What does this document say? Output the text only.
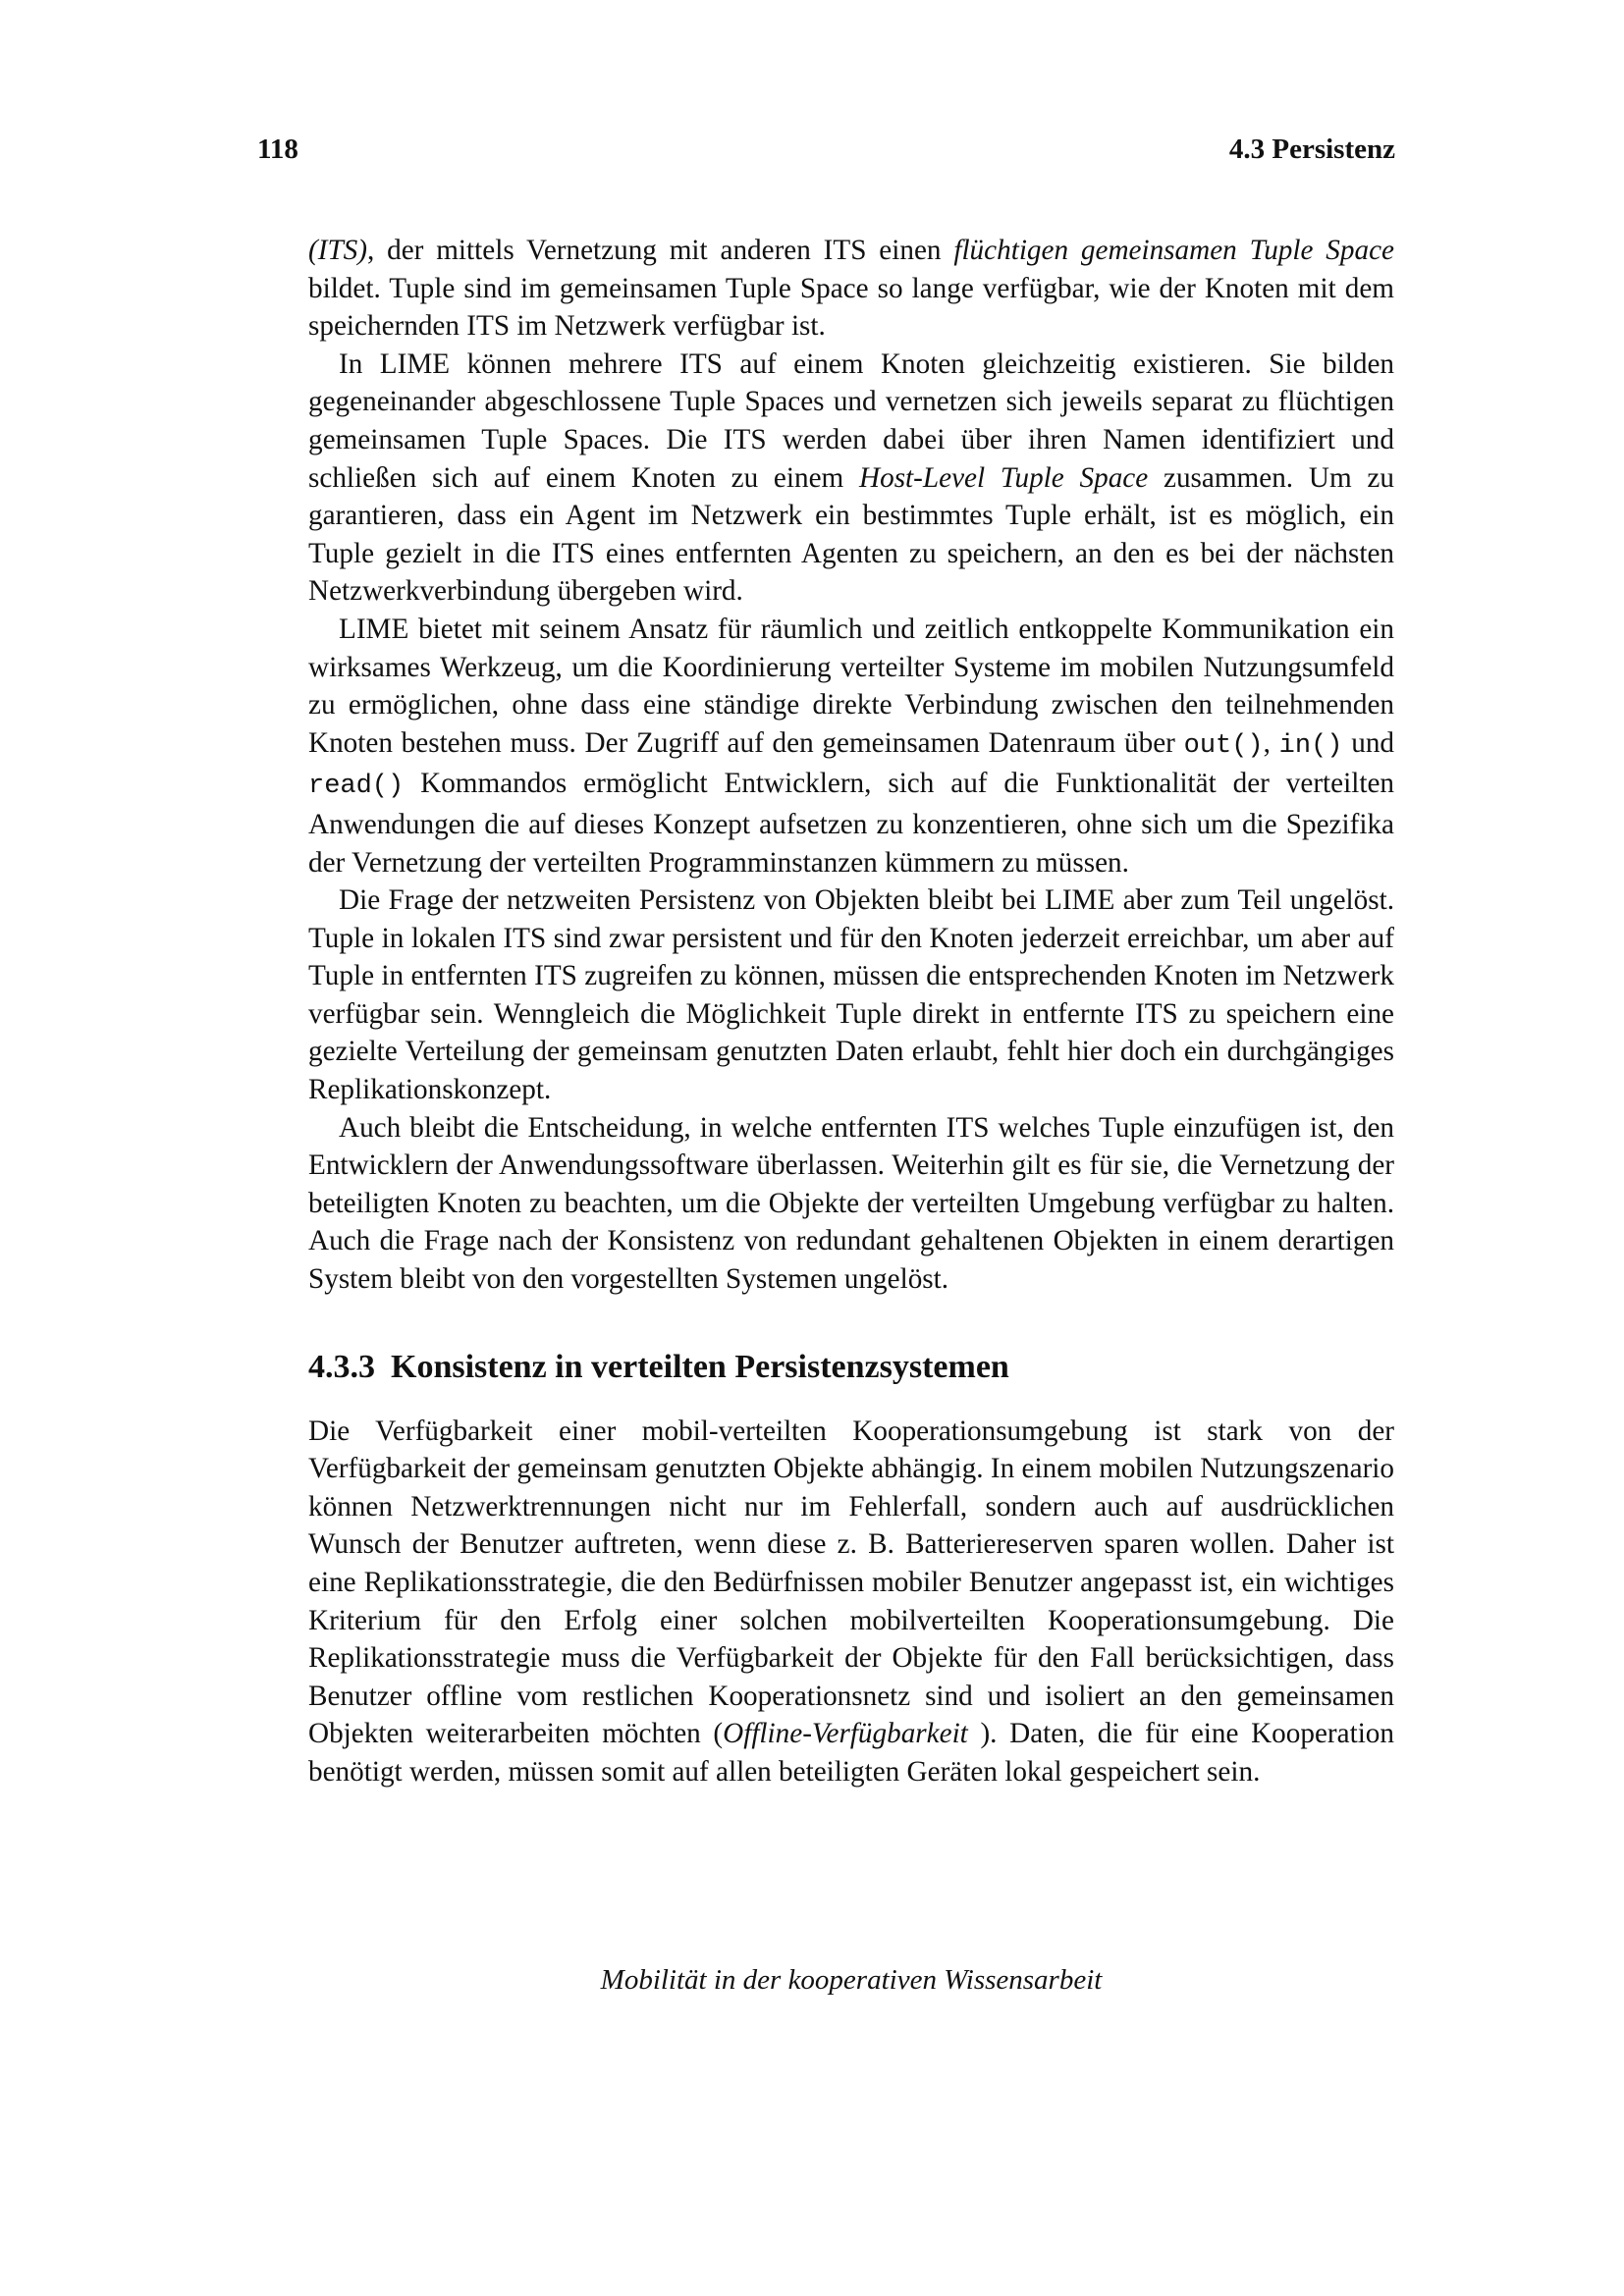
118	4.3 Persistenz

(ITS), der mittels Vernetzung mit anderen ITS einen flüchtigen gemeinsamen Tuple Space bildet. Tuple sind im gemeinsamen Tuple Space so lange verfügbar, wie der Knoten mit dem speichernden ITS im Netzwerk verfügbar ist.

In LIME können mehrere ITS auf einem Knoten gleichzeitig existieren. Sie bilden gegeneinander abgeschlossene Tuple Spaces und vernetzen sich jeweils separat zu flüchtigen gemeinsamen Tuple Spaces. Die ITS werden dabei über ihren Namen identifiziert und schließen sich auf einem Knoten zu einem Host-Level Tuple Space zusammen. Um zu garantieren, dass ein Agent im Netzwerk ein bestimmtes Tuple erhält, ist es möglich, ein Tuple gezielt in die ITS eines entfernten Agenten zu speichern, an den es bei der nächsten Netzwerkverbindung übergeben wird.

LIME bietet mit seinem Ansatz für räumlich und zeitlich entkoppelte Kommunikation ein wirksames Werkzeug, um die Koordinierung verteilter Systeme im mobilen Nutzungsumfeld zu ermöglichen, ohne dass eine ständige direkte Verbindung zwischen den teilnehmenden Knoten bestehen muss. Der Zugriff auf den gemeinsamen Datenraum über out(), in() und read() Kommandos ermöglicht Entwicklern, sich auf die Funktionalität der verteilten Anwendungen die auf dieses Konzept aufsetzen zu konzentieren, ohne sich um die Spezifika der Vernetzung der verteilten Programminstanzen kümmern zu müssen.

Die Frage der netzweiten Persistenz von Objekten bleibt bei LIME aber zum Teil ungelöst. Tuple in lokalen ITS sind zwar persistent und für den Knoten jederzeit erreichbar, um aber auf Tuple in entfernten ITS zugreifen zu können, müssen die entsprechenden Knoten im Netzwerk verfügbar sein. Wenngleich die Möglichkeit Tuple direkt in entfernte ITS zu speichern eine gezielte Verteilung der gemeinsam genutzten Daten erlaubt, fehlt hier doch ein durchgängiges Replikationskonzept.

Auch bleibt die Entscheidung, in welche entfernten ITS welches Tuple einzufügen ist, den Entwicklern der Anwendungssoftware überlassen. Weiterhin gilt es für sie, die Vernetzung der beteiligten Knoten zu beachten, um die Objekte der verteilten Umgebung verfügbar zu halten. Auch die Frage nach der Konsistenz von redundant gehaltenen Objekten in einem derartigen System bleibt von den vorgestellten Systemen ungelöst.

4.3.3 Konsistenz in verteilten Persistenzsystemen

Die Verfügbarkeit einer mobil-verteilten Kooperationsumgebung ist stark von der Verfügbarkeit der gemeinsam genutzten Objekte abhängig. In einem mobilen Nutzungszenario können Netzwerktrennungen nicht nur im Fehlerfall, sondern auch auf ausdrücklichen Wunsch der Benutzer auftreten, wenn diese z. B. Batteriereserven sparen wollen. Daher ist eine Replikationsstrategie, die den Bedürfnissen mobiler Benutzer angepasst ist, ein wichtiges Kriterium für den Erfolg einer solchen mobilverteilten Kooperationsumgebung. Die Replikationsstrategie muss die Verfügbarkeit der Objekte für den Fall berücksichtigen, dass Benutzer offline vom restlichen Kooperationsnetz sind und isoliert an den gemeinsamen Objekten weiterarbeiten möchten (Offline-Verfügbarkeit ). Daten, die für eine Kooperation benötigt werden, müssen somit auf allen beteiligten Geräten lokal gespeichert sein.

Mobilität in der kooperativen Wissensarbeit
